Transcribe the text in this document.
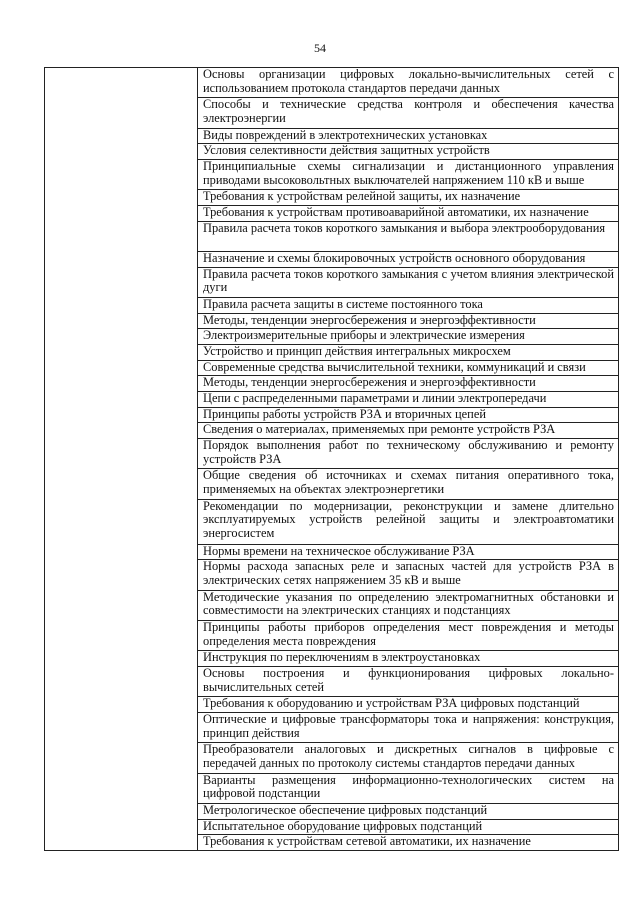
54

Основы организации цифровых локально-вычислительных сетей с использованием протокола стандартов передачи данных
Способы и технические средства контроля и обеспечения качества электроэнергии
Виды повреждений в электротехнических установках
Условия селективности действия защитных устройств
Принципиальные схемы сигнализации и дистанционного управления приводами высоковольтных выключателей напряжением 110 кВ и выше
Требования к устройствам релейной защиты, их назначение
Требования к устройствам противоаварийной автоматики, их назначение
Правила расчета токов короткого замыкания и выбора электрооборудования
Назначение и схемы блокировочных устройств основного оборудования
Правила расчета токов короткого замыкания с учетом влияния электрической дуги
Правила расчета защиты в системе постоянного тока
Методы, тенденции энергосбережения и энергоэффективности
Электроизмерительные приборы и электрические измерения
Устройство и принцип действия интегральных микросхем
Современные средства вычислительной техники, коммуникаций и связи
Методы, тенденции энергосбережения и энергоэффективности
Цепи с распределенными параметрами и линии электропередачи
Принципы работы устройств РЗА и вторичных цепей
Сведения о материалах, применяемых при ремонте устройств РЗА
Порядок выполнения работ по техническому обслуживанию и ремонту устройств РЗА
Общие сведения об источниках и схемах питания оперативного тока, применяемых на объектах электроэнергетики
Рекомендации по модернизации, реконструкции и замене длительно эксплуатируемых устройств релейной защиты и электроавтоматики энергосистем
Нормы времени на техническое обслуживание РЗА
Нормы расхода запасных реле и запасных частей для устройств РЗА в электрических сетях напряжением 35 кВ и выше
Методические указания по определению электромагнитных обстановки и совместимости на электрических станциях и подстанциях
Принципы работы приборов определения мест повреждения и методы определения места повреждения
Инструкция по переключениям в электроустановках
Основы построения и функционирования цифровых локально-вычислительных сетей
Требования к оборудованию и устройствам РЗА цифровых подстанций
Оптические и цифровые трансформаторы тока и напряжения: конструкция, принцип действия
Преобразователи аналоговых и дискретных сигналов в цифровые с передачей данных по протоколу системы стандартов передачи данных
Варианты размещения информационно-технологических систем на цифровой подстанции
Метрологическое обеспечение цифровых подстанций
Испытательное оборудование цифровых подстанций
Требования к устройствам сетевой автоматики, их назначение
